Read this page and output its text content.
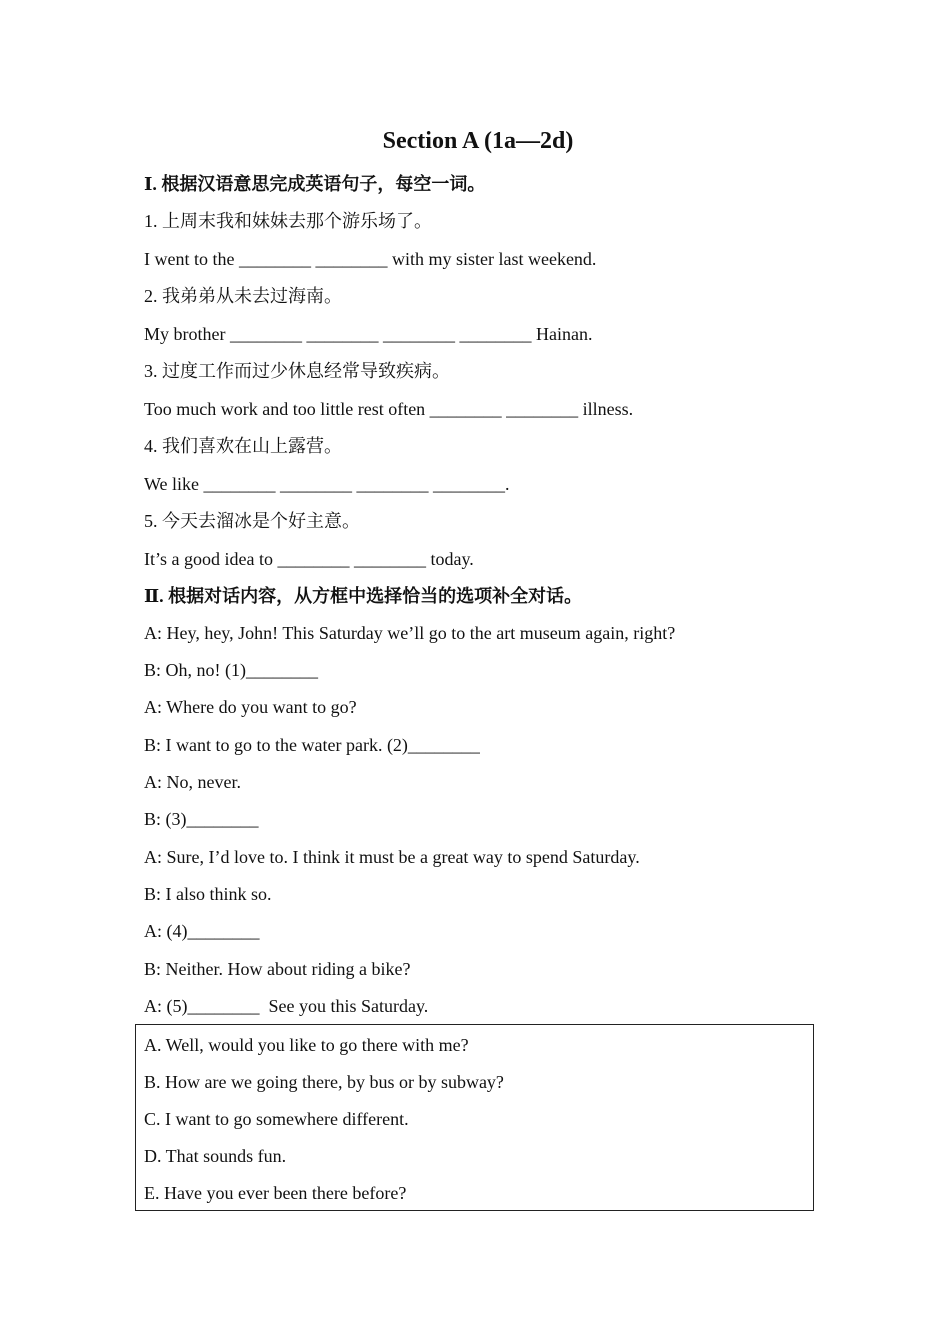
Section A (1a—2d)
Ⅰ. 根据汉语意思完成英语句子，每空一词。
1. 上周末我和妹妹去那个游乐场了。
I went to the ________ ________ with my sister last weekend.
2. 我弟弟从未去过海南。
My brother ________ ________ ________ ________ Hainan.
3. 过度工作而过少休息经常导致疾病。
Too much work and too little rest often ________ ________ illness.
4. 我们喜欢在山上露营。
We like ________ ________ ________ ________.
5. 今天去溜冰是个好主意。
It’s a good idea to ________ ________ today.
Ⅱ. 根据对话内容，从方框中选择恰当的选项补全对话。
A: Hey, hey, John! This Saturday we’ll go to the art museum again, right?
B: Oh, no! (1)________
A: Where do you want to go?
B: I want to go to the water park. (2)________
A: No, never.
B: (3)________
A: Sure, I’d love to. I think it must be a great way to spend Saturday.
B: I also think so.
A: (4)________
B: Neither. How about riding a bike?
A: (5)________  See you this Saturday.
A. Well, would you like to go there with me?
B. How are we going there, by bus or by subway?
C. I want to go somewhere different.
D. That sounds fun.
E. Have you ever been there before?
